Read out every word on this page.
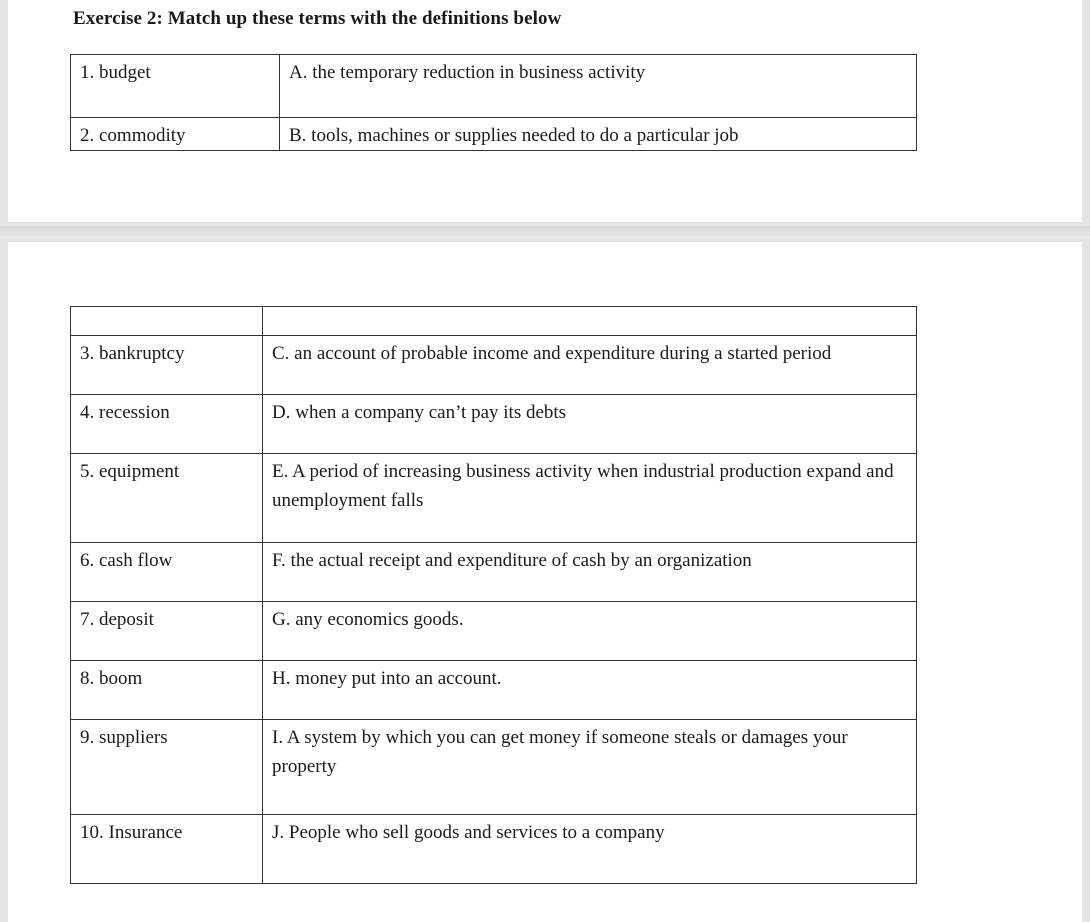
Exercise 2: Match up these terms with the definitions below
1. budget	A. the temporary reduction in business activity
2. commodity	B. tools, machines or supplies needed to do a particular job

3. bankruptcy	C. an account of probable income and expenditure during a started period
4. recession	D. when a company can’t pay its debts
5. equipment	E. A period of increasing business activity when industrial production expand and unemployment falls
6. cash flow	F. the actual receipt and expenditure of cash by an organization
7. deposit	G. any economics goods.
8. boom	H. money put into an account.
9. suppliers	I. A system by which you can get money if someone steals or damages your property
10. Insurance	J. People who sell goods and services to a company
